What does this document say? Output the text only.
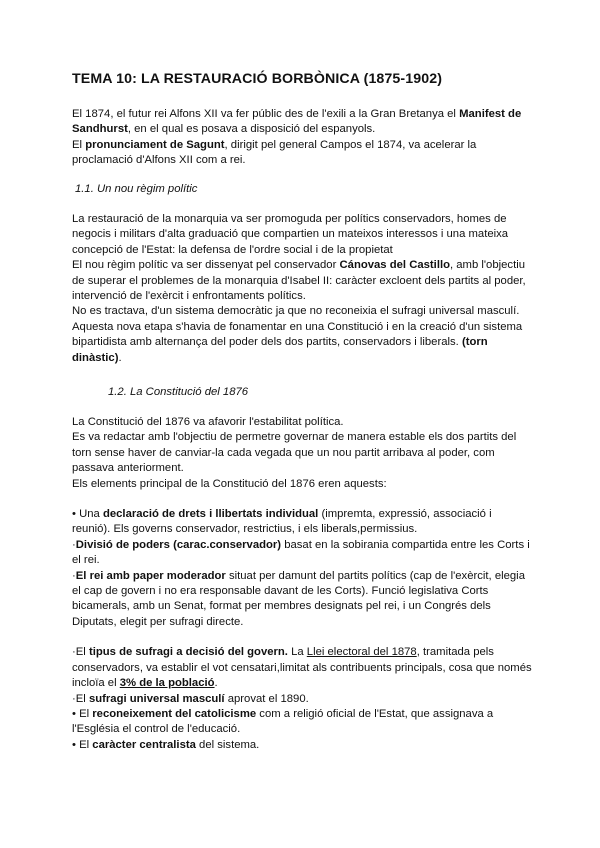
TEMA 10: LA RESTAURACIÓ BORBÒNICA (1875-1902)

El 1874, el futur rei Alfons XII va fer públic des de l'exili a la Gran Bretanya el Manifest de Sandhurst, en el qual es posava a disposició del espanyols.

El pronunciament de Sagunt, dirigit pel general Campos el 1874, va acelerar la proclamació d'Alfons XII com a rei.

1.1. Un nou règim polític

La restauració de la monarquia va ser promoguda per polítics conservadors, homes de negocis i militars d'alta graduació que compartien un mateixos interessos i una mateixa concepció de l'Estat: la defensa de l'ordre social i de la propietat

El nou règim polític va ser dissenyat pel conservador Cánovas del Castillo, amb l'objectiu de superar el problemes de la monarquia d'Isabel II: caràcter excloent dels partits al poder, intervenció de l'exèrcit i enfrontaments polítics.

No es tractava, d'un sistema democràtic ja que no reconeixia el sufragi universal masculí.

Aquesta nova etapa s'havia de fonamentar en una Constitució i en la creació d'un sistema bipartidista amb alternança del poder dels dos partits, conservadors i liberals. (torn dinàstic).

1.2. La Constitució del 1876

La Constitució del 1876 va afavorir l'estabilitat política.

Es va redactar amb l'objectiu de permetre governar de manera estable els dos partits del torn sense haver de canviar-la cada vegada que un nou partit arribava al poder, com passava anteriorment.

Els elements principal de la Constitució del 1876 eren aquests:

• Una declaració de drets i llibertats individual (impremta, expressió, associació i reunió). Els governs conservador, restrictius, i els liberals,permissius.

·Divisió de poders (carac.conservador) basat en la sobirania compartida entre les Corts i el rei.

·El rei amb paper moderador situat per damunt del partits polítics (cap de l'exèrcit, elegia el cap de govern i no era responsable davant de les Corts). Funció legislativa Corts bicamerals, amb un Senat, format per membres designats pel rei, i un Congrés dels Diputats, elegit per sufragi directe.

·El tipus de sufragi a decisió del govern. La Llei electoral del 1878, tramitada pels conservadors, va establir el vot censatari,limitat als contribuents principals, cosa que només incloïa el 3% de la població.

·El sufragi universal masculí aprovat el 1890.

• El reconeixement del catolicisme com a religió oficial de l'Estat, que assignava a l'Església el control de l'educació.

• El caràcter centralista del sistema.
